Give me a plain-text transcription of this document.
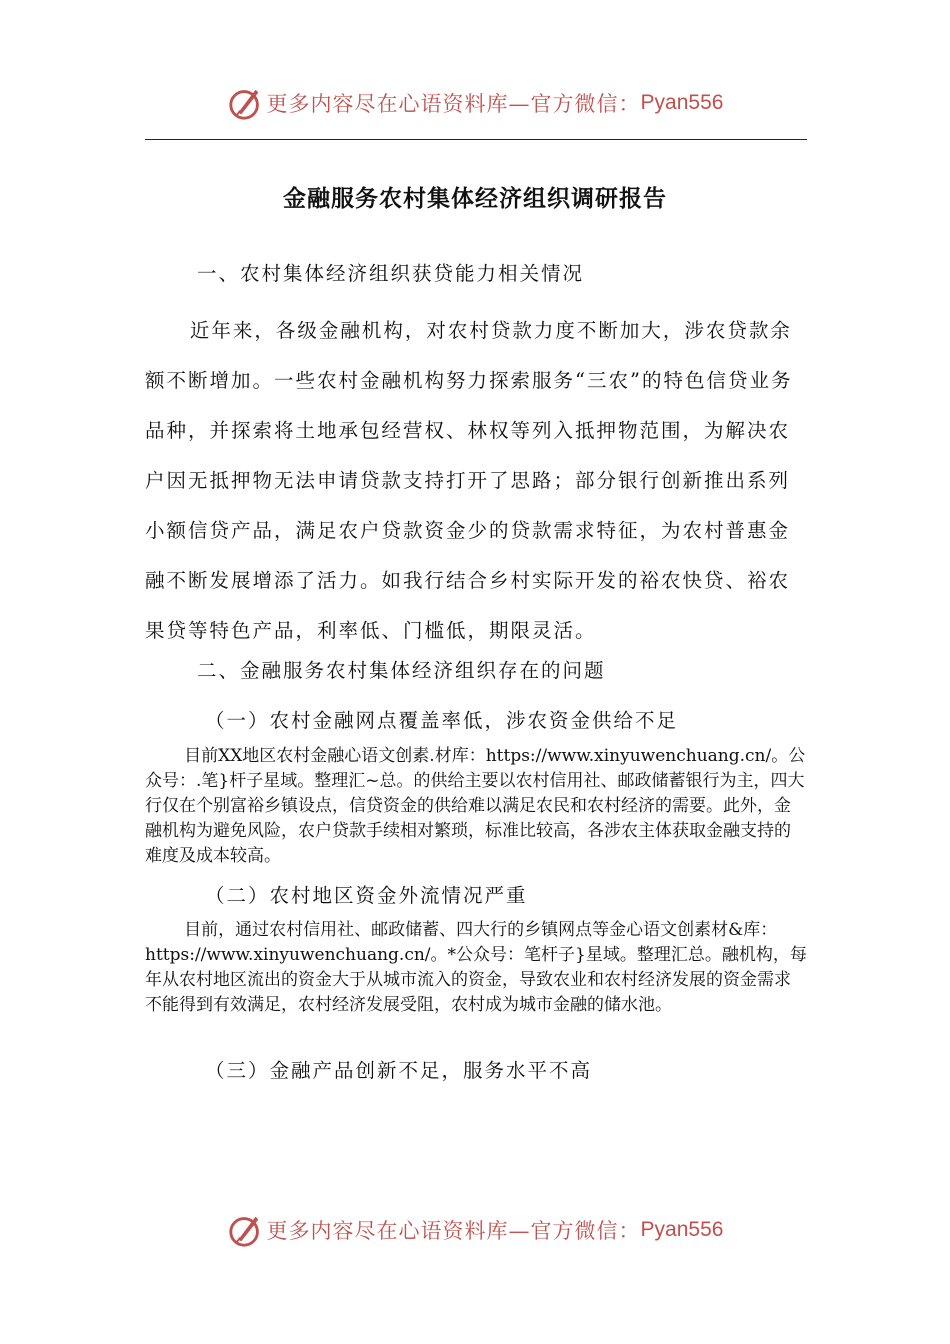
更多内容尽在心语资料库—官方微信： Pyan556
金融服务农村集体经济组织调研报告

一、农村集体经济组织获贷能力相关情况

近年来，各级金融机构，对农村贷款力度不断加大，涉农贷款余额不断增加。一些农村金融机构努力探索服务“三农”的特色信贷业务品种，并探索将土地承包经营权、林权等列入抵押物范围，为解决农户因无抵押物无法申请贷款支持打开了思路；部分银行创新推出系列小额信贷产品，满足农户贷款资金少的贷款需求特征，为农村普惠金融不断发展增添了活力。如我行结合乡村实际开发的裕农快贷、裕农果贷等特色产品，利率低、门槛低，期限灵活。

二、金融服务农村集体经济组织存在的问题

（一）农村金融网点覆盖率低，涉农资金供给不足

目前XX地区农村金融心语文创素.材库：https://www.xinyuwenchuang.cn/。公众号：.笔}杆子星域。整理汇~总。的供给主要以农村信用社、邮政储蓄银行为主，四大行仅在个别富裕乡镇设点，信贷资金的供给难以满足农民和农村经济的需要。此外，金融机构为避免风险，农户贷款手续相对繁琐，标准比较高，各涉农主体获取金融支持的难度及成本较高。

（二）农村地区资金外流情况严重

目前，通过农村信用社、邮政储蓄、四大行的乡镇网点等金心语文创素材&库：https://www.xinyuwenchuang.cn/。*公众号：笔杆子}星域。整理汇总。融机构，每年从农村地区流出的资金大于从城市流入的资金，导致农业和农村经济发展的资金需求不能得到有效满足，农村经济发展受阻，农村成为城市金融的储水池。

（三）金融产品创新不足，服务水平不高

更多内容尽在心语资料库—官方微信： Pyan556
